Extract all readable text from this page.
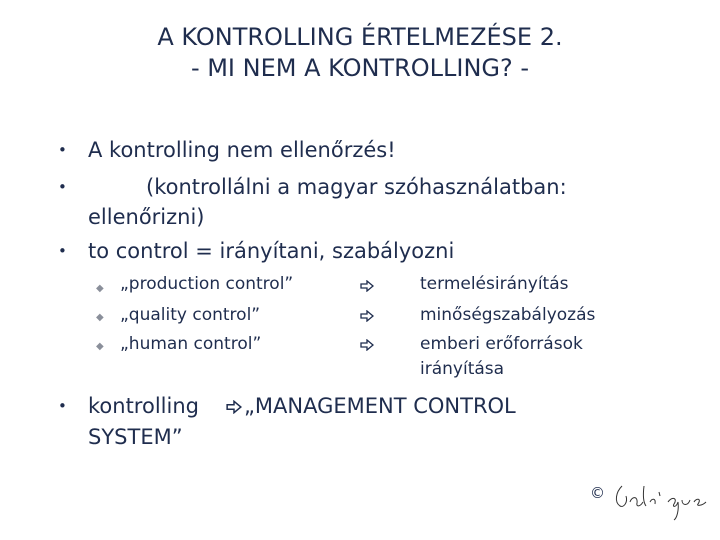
A KONTROLLING ÉRTELMEZÉSE 2.
- MI NEM A KONTROLLING? -
• A kontrolling nem ellenőrzés!
•	(kontrollálni a magyar szóhasználatban:
ellenőrizni)
• to control = irányítani, szabályozni
◆ „production control”	termelésirányítás
◆ „quality control”	minőségszabályozás
◆ „human control”	emberi erőforrások
irányítása
• kontrolling „MANAGEMENT CONTROL
SYSTEM”
©
